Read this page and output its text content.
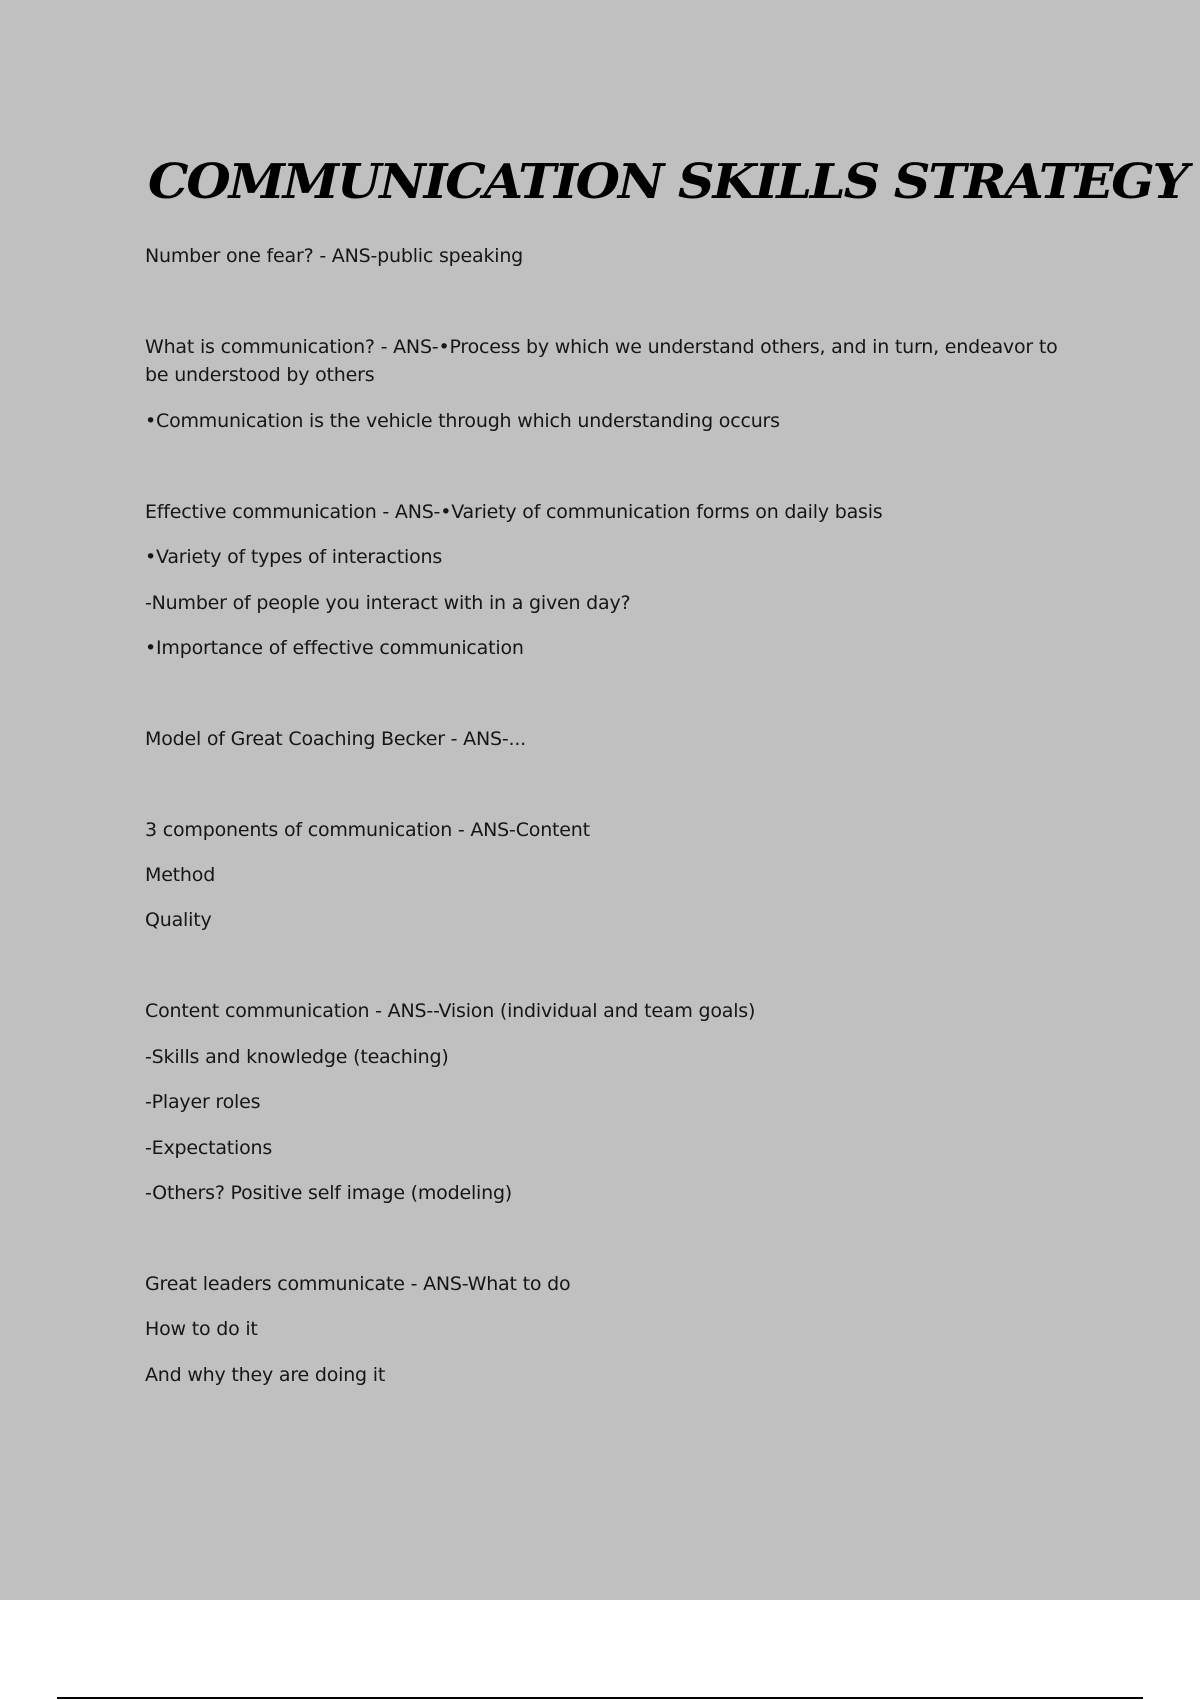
COMMUNICATION SKILLS STRATEGY

Number one fear? - ANS-public speaking

What is communication? - ANS-•Process by which we understand others, and in turn, endeavor to be understood by others

•Communication is the vehicle through which understanding occurs

Effective communication - ANS-•Variety of communication forms on daily basis

•Variety of types of interactions

-Number of people you interact with in a given day?

•Importance of effective communication

Model of Great Coaching Becker - ANS-...

3 components of communication - ANS-Content

Method

Quality

Content communication - ANS--Vision (individual and team goals)

-Skills and knowledge (teaching)

-Player roles

-Expectations

-Others? Positive self image (modeling)

Great leaders communicate - ANS-What to do

How to do it

And why they are doing it
